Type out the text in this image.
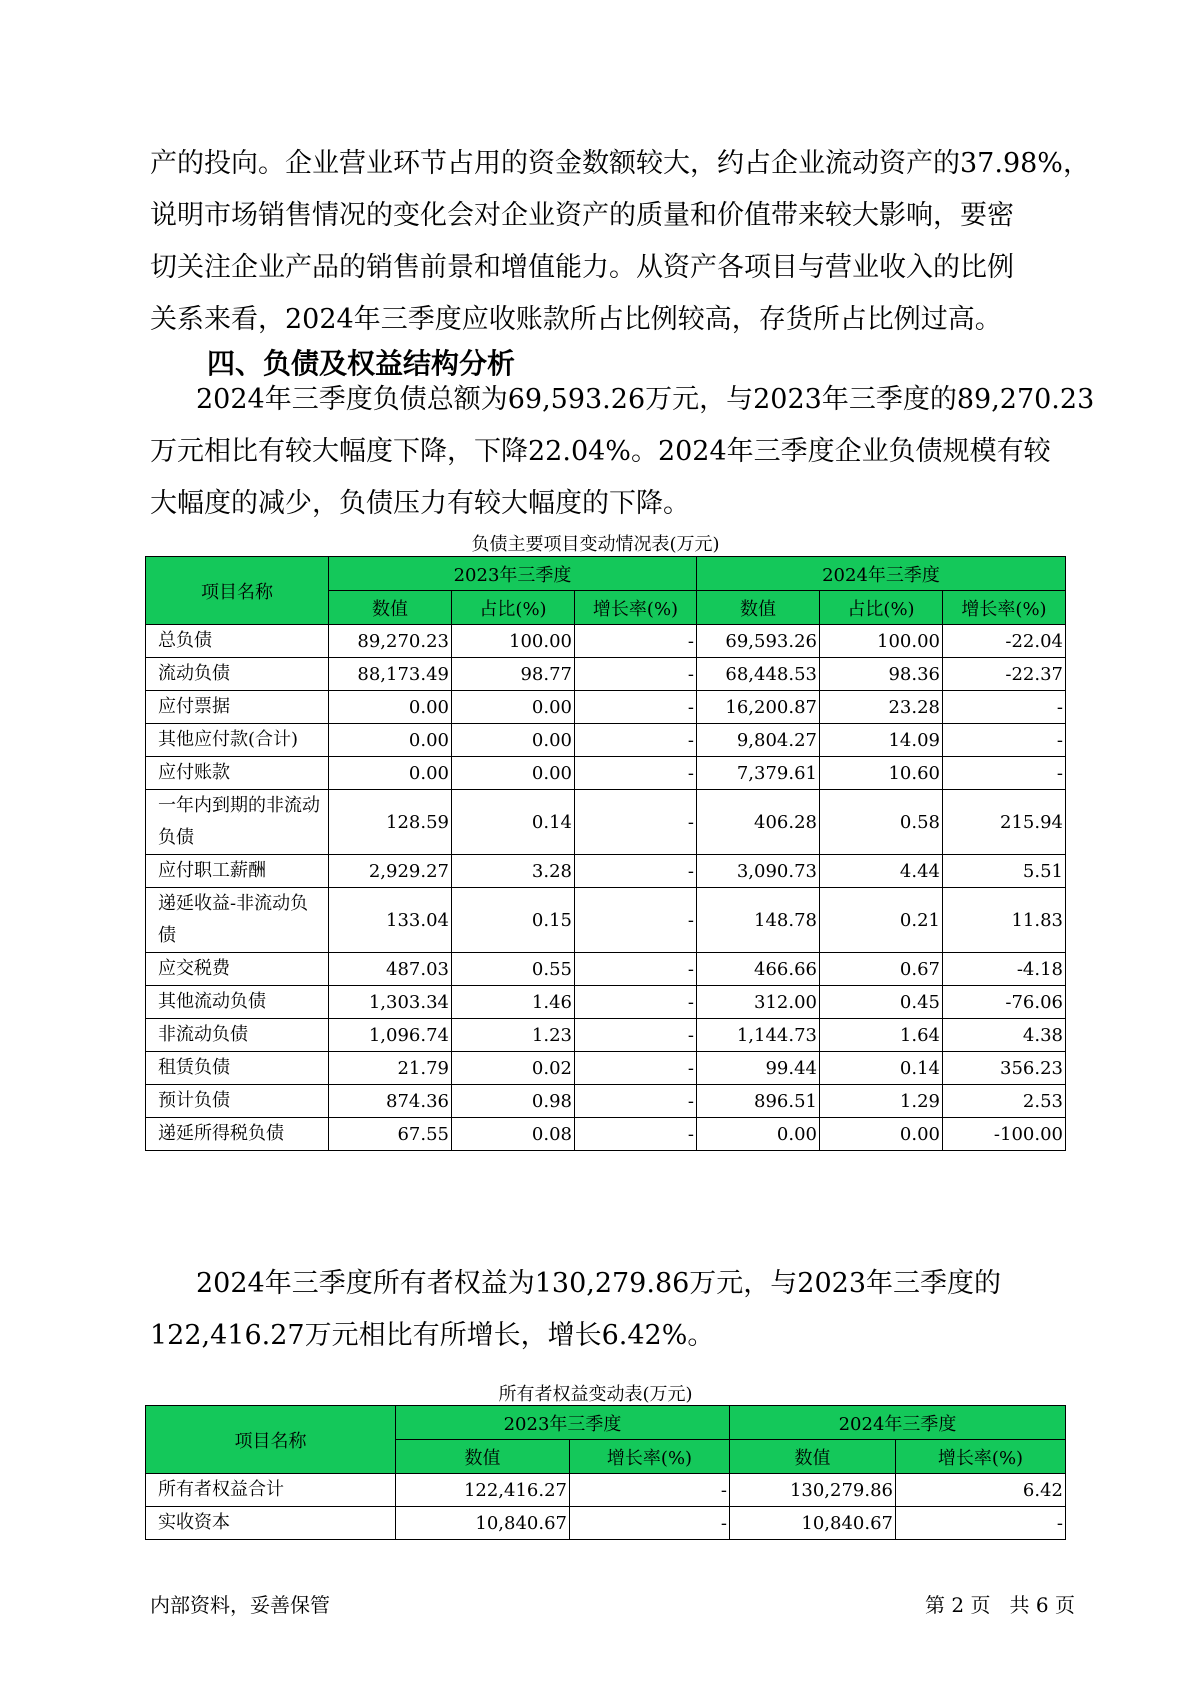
产的投向。企业营业环节占用的资金数额较大，约占企业流动资产的37.98%，
说明市场销售情况的变化会对企业资产的质量和价值带来较大影响，要密
切关注企业产品的销售前景和增值能力。从资产各项目与营业收入的比例
关系来看，2024年三季度应收账款所占比例较高，存货所占比例过高。
四、负债及权益结构分析
2024年三季度负债总额为69,593.26万元，与2023年三季度的89,270.23
万元相比有较大幅度下降，下降22.04%。2024年三季度企业负债规模有较
大幅度的减少，负债压力有较大幅度的下降。
负债主要项目变动情况表(万元)
项目名称	2023年三季度			2024年三季度		
	数值	占比(%)	增长率(%)	数值	占比(%)	增长率(%)
总负债	89,270.23	100.00	-	69,593.26	100.00	-22.04
流动负债	88,173.49	98.77	-	68,448.53	98.36	-22.37
应付票据	0.00	0.00	-	16,200.87	23.28	-
其他应付款(合计)	0.00	0.00	-	9,804.27	14.09	-
应付账款	0.00	0.00	-	7,379.61	10.60	-
一年内到期的非流动负债	128.59	0.14	-	406.28	0.58	215.94
应付职工薪酬	2,929.27	3.28	-	3,090.73	4.44	5.51
递延收益-非流动负债	133.04	0.15	-	148.78	0.21	11.83
应交税费	487.03	0.55	-	466.66	0.67	-4.18
其他流动负债	1,303.34	1.46	-	312.00	0.45	-76.06
非流动负债	1,096.74	1.23	-	1,144.73	1.64	4.38
租赁负债	21.79	0.02	-	99.44	0.14	356.23
预计负债	874.36	0.98	-	896.51	1.29	2.53
递延所得税负债	67.55	0.08	-	0.00	0.00	-100.00
2024年三季度所有者权益为130,279.86万元，与2023年三季度的
122,416.27万元相比有所增长，增长6.42%。
所有者权益变动表(万元)
项目名称	2023年三季度		2024年三季度	
	数值	增长率(%)	数值	增长率(%)
所有者权益合计	122,416.27	-	130,279.86	6.42
实收资本	10,840.67	-	10,840.67	-
内部资料，妥善保管	第 2 页   共 6 页
